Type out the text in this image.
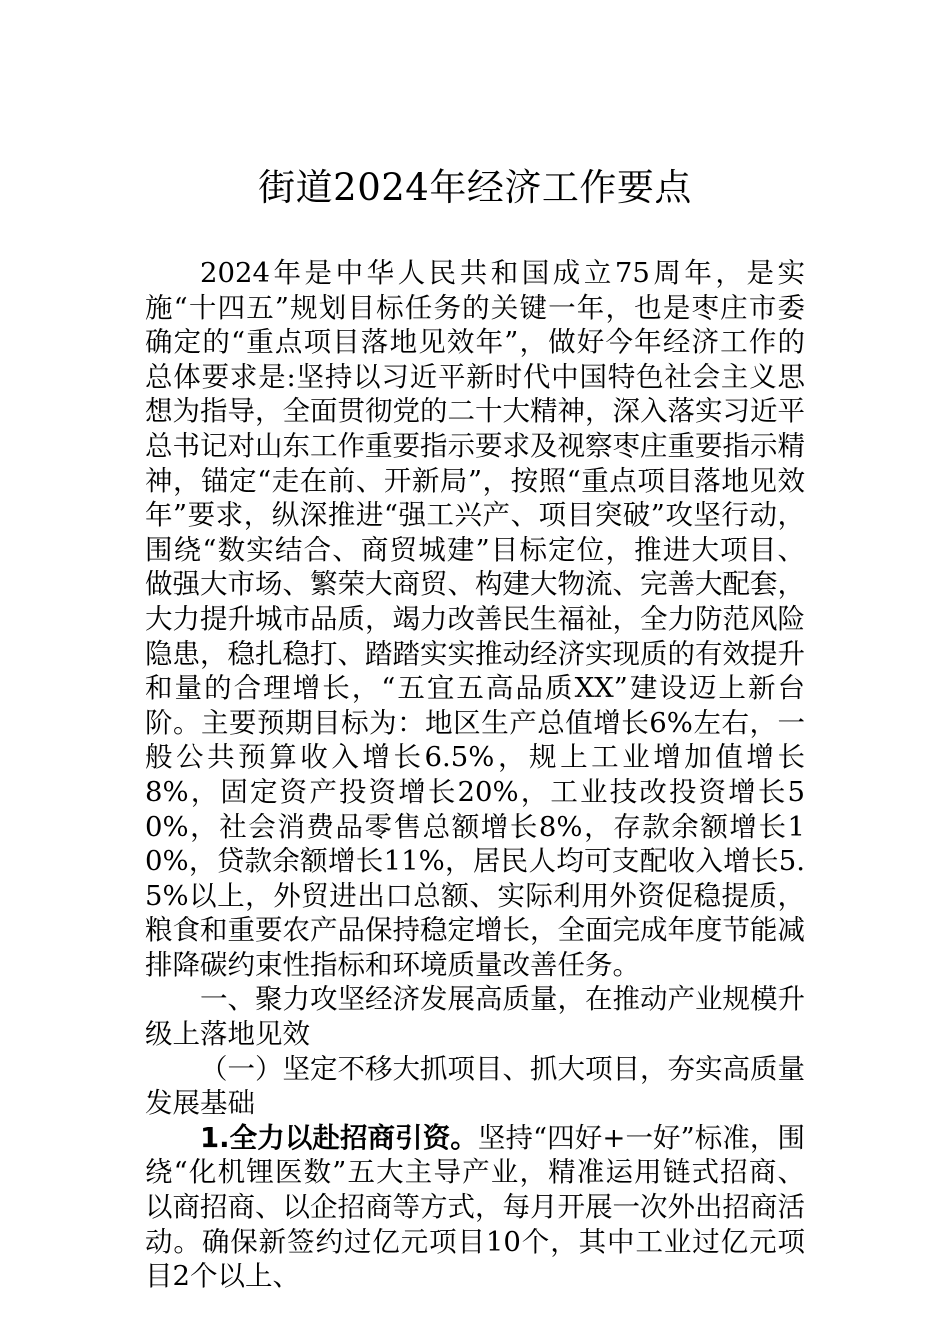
街道2024年经济工作要点

2024年是中华人民共和国成立75周年，是实施“十四五”规划目标任务的关键一年，也是枣庄市委确定的“重点项目落地见效年”，做好今年经济工作的总体要求是:坚持以习近平新时代中国特色社会主义思想为指导，全面贯彻党的二十大精神，深入落实习近平总书记对山东工作重要指示要求及视察枣庄重要指示精神，锚定“走在前、开新局”，按照“重点项目落地见效年”要求，纵深推进“强工兴产、项目突破”攻坚行动，围绕“数实结合、商贸城建”目标定位，推进大项目、做强大市场、繁荣大商贸、构建大物流、完善大配套，大力提升城市品质，竭力改善民生福祉，全力防范风险隐患，稳扎稳打、踏踏实实推动经济实现质的有效提升和量的合理增长，“五宜五高品质XX”建设迈上新台阶。主要预期目标为：地区生产总值增长6%左右，一般公共预算收入增长6.5%，规上工业增加值增长8%，固定资产投资增长20%，工业技改投资增长50%，社会消费品零售总额增长8%，存款余额增长10%，贷款余额增长11%，居民人均可支配收入增长5.5%以上，外贸进出口总额、实际利用外资促稳提质，粮食和重要农产品保持稳定增长，全面完成年度节能减排降碳约束性指标和环境质量改善任务。

一、聚力攻坚经济发展高质量，在推动产业规模升级上落地见效

（一）坚定不移大抓项目、抓大项目，夯实高质量发展基础

1.全力以赴招商引资。坚持“四好+一好”标准，围绕“化机锂医数”五大主导产业，精准运用链式招商、以商招商、以企招商等方式，每月开展一次外出招商活动。确保新签约过亿元项目10个，其中工业过亿元项目2个以上、
